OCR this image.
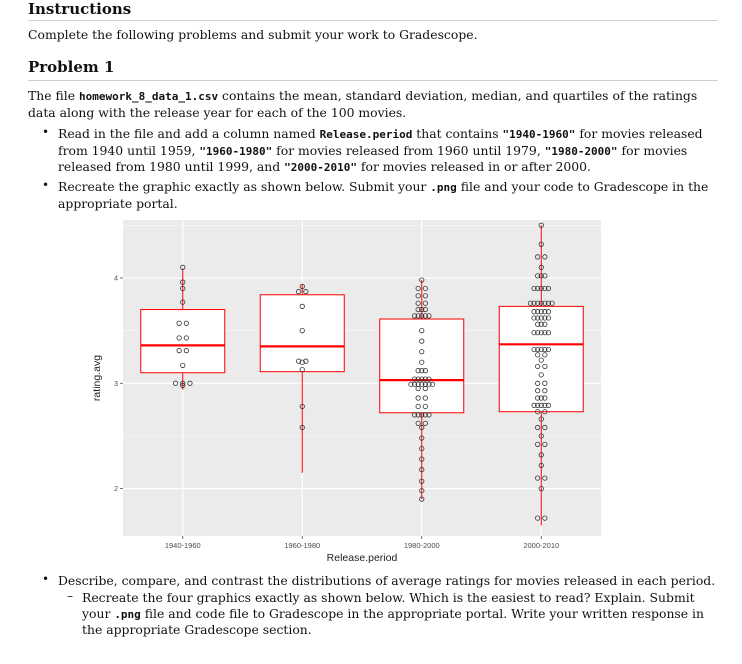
Instructions
Complete the following problems and submit your work to Gradescope.
Problem 1
The file homework_8_data_1.csv contains the mean, standard deviation, median, and quartiles of the ratings data along with the release year for each of the 100 movies.
• Read in the file and add a column named Release.period that contains "1940-1960" for movies released from 1940 until 1959, "1960-1980" for movies released from 1960 until 1979, "1980-2000" for movies released from 1980 until 1999, and "2000-2010" for movies released in or after 2000.
• Recreate the graphic exactly as shown below. Submit your .png file and your code to Gradescope in the appropriate portal.
2
3
4
1940-1960	1960-1980	1980-2000	2000-2010
Release.period
rating.avg
• Describe, compare, and contrast the distributions of average ratings for movies released in each period.
– Recreate the four graphics exactly as shown below. Which is the easiest to read? Explain. Submit your .png file and code file to Gradescope in the appropriate portal. Write your written response in the appropriate Gradescope section.
